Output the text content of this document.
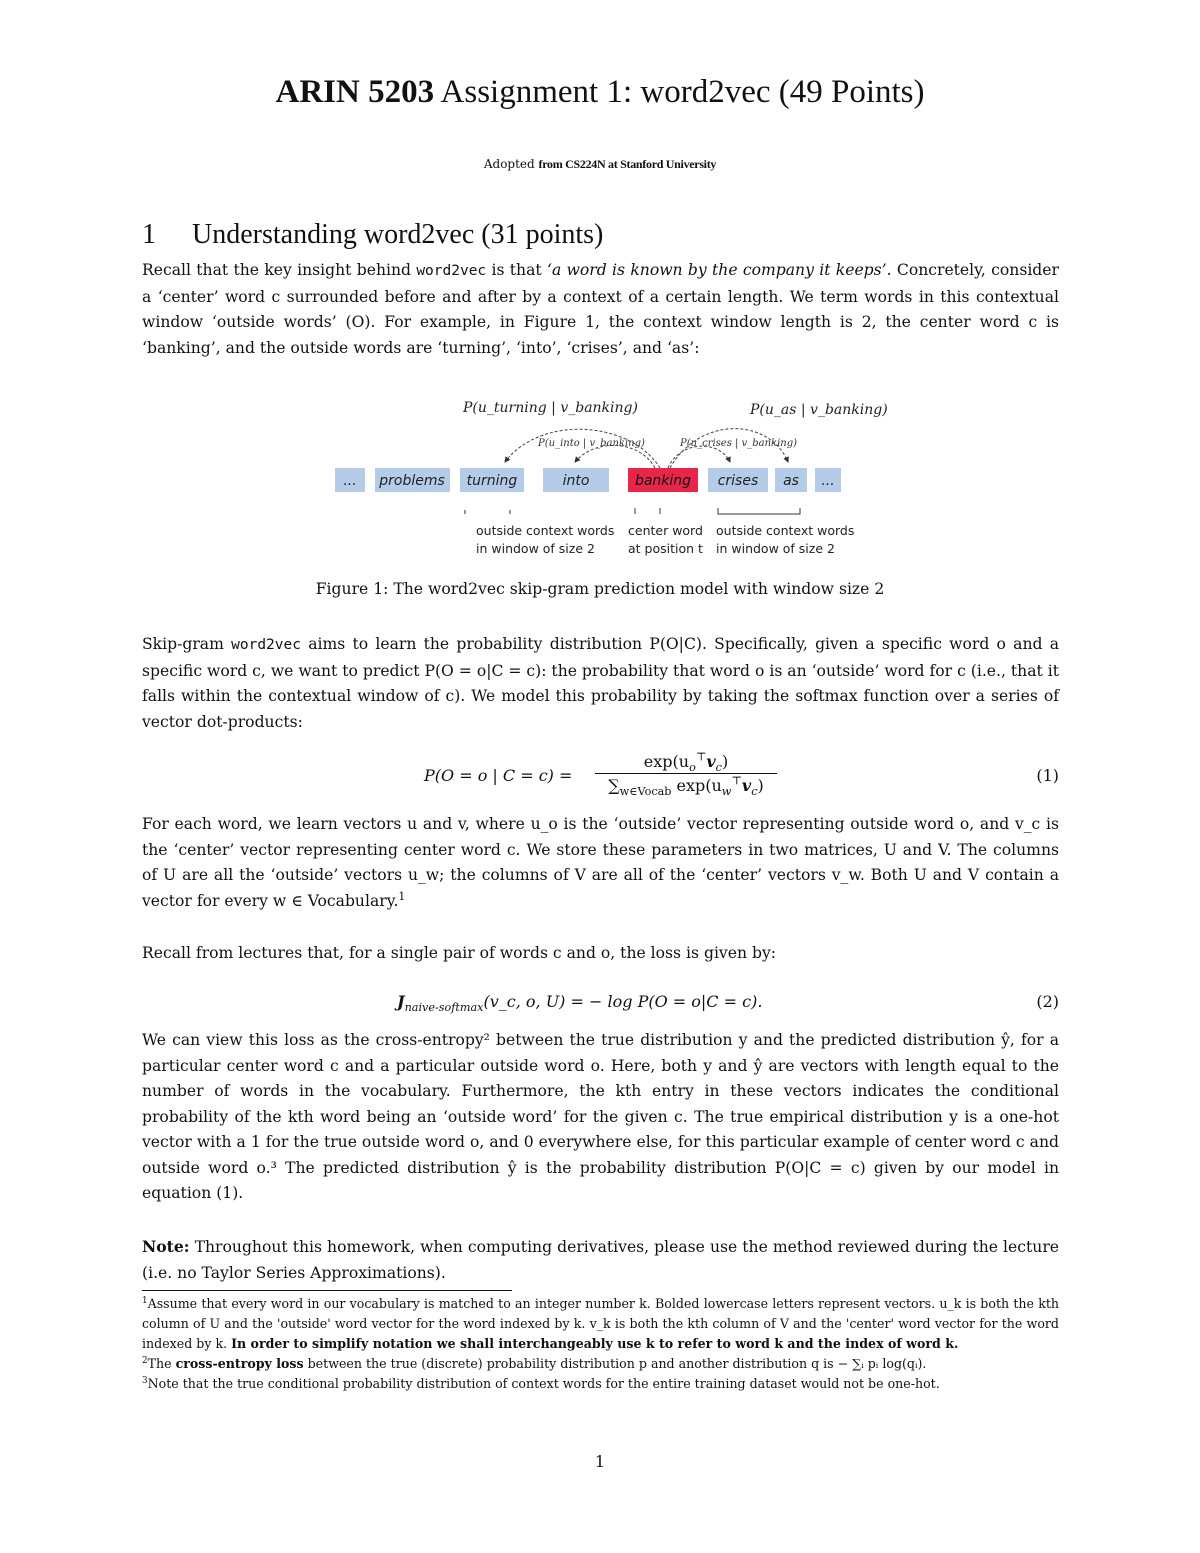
ARIN 5203 Assignment 1: word2vec (49 Points)
Adopted from CS224N at Stanford University
1 Understanding word2vec (31 points)
Recall that the key insight behind word2vec is that ‘a word is known by the company it keeps’. Concretely, consider a ‘center’ word c surrounded before and after by a context of a certain length. We term words in this contextual window ‘outside words’ (O). For example, in Figure 1, the context window length is 2, the center word c is ‘banking’, and the outside words are ‘turning’, ‘into’, ‘crises’, and ‘as’:
P(u_turning | v_banking)	P(u_as | v_banking)
P(u_into | v_banking)	P(u_crises | v_banking)
... problems turning	into	banking crises as ...
outside context words
in window of size 2
center word
at position t
outside context words
in window of size 2
Figure 1: The word2vec skip-gram prediction model with window size 2
Skip-gram word2vec aims to learn the probability distribution P(O|C). Specifically, given a specific word o and a specific word c, we want to predict P(O = o|C = c): the probability that word o is an ‘outside’ word for c (i.e., that it falls within the contextual window of c). We model this probability by taking the softmax function over a series of vector dot-products:
P(O = o | C = c) =
$\exp(u_o^⊤v_c)$
$\sum_{w\in Vocab}$ $\exp(u_w^⊤v_c)$
(1)
For each word, we learn vectors u and v, where u_o is the ‘outside’ vector representing outside word o, and v_c is the ‘center’ vector representing center word c. We store these parameters in two matrices, U and V. The columns of U are all the ‘outside’ vectors u_w; the columns of V are all of the ‘center’ vectors v_w. Both U and V contain a vector for every w ∈ Vocabulary.$^1$
Recall from lectures that, for a single pair of words c and o, the loss is given by:
$J_{naive-softmax}(v\_c$, o, U) = − log P(O = o|C = c).	(2)
We can view this loss as the cross-entropy² between the true distribution y and the predicted distribution ŷ, for a particular center word c and a particular outside word o. Here, both y and ŷ are vectors with length equal to the number of words in the vocabulary. Furthermore, the kth entry in these vectors indicates the conditional probability of the kth word being an ‘outside word’ for the given c. The true empirical distribution y is a one-hot vector with a 1 for the true outside word o, and 0 everywhere else, for this particular example of center word c and outside word o.³ The predicted distribution ŷ is the probability distribution P(O|C = c) given by our model in equation (1).
Note: Throughout this homework, when computing derivatives, please use the method reviewed during the lecture (i.e. no Taylor Series Approximations).
$^1$Assume that every word in our vocabulary is matched to an integer number k. Bolded lowercase letters represent vectors. u_k is both the kth column of U and the 'outside' word vector for the word indexed by k. v_k is both the kth column of V and the 'center' word vector for the word indexed by k. In order to simplify notation we shall interchangeably use k to refer to word k and the index of word k.
$^2$The cross-entropy loss between the true (discrete) probability distribution p and another distribution q is − ∑ᵢ pᵢ log(qᵢ).
$^3$Note that the true conditional probability distribution of context words for the entire training dataset would not be one-hot.
1
